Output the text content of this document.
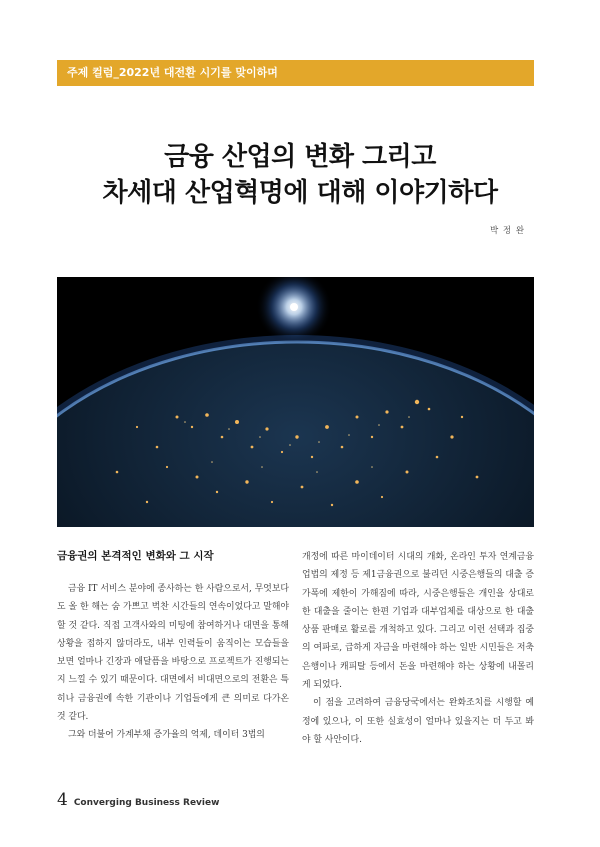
주제 컬럼_2022년 대전환 시기를 맞이하며
금융 산업의 변화 그리고
차세대 산업혁명에 대해 이야기하다
박 정 완
금융권의 본격적인 변화와 그 시작

금융 IT 서비스 분야에 종사하는 한 사람으로서, 무엇보다도 올 한 해는 숨 가쁘고 벅찬 시간들의 연속이었다고 말해야 할 것 같다. 직접 고객사와의 미팅에 참여하거나 대면을 통해 상황을 접하지 않더라도, 내부 인력들이 움직이는 모습들을 보면 얼마나 긴장과 애달픔을 바탕으로 프로젝트가 진행되는지 느낄 수 있기 때문이다. 대면에서 비대면으로의 전환은 특히나 금융권에 속한 기관이나 기업들에게 큰 의미로 다가온 것 같다.

그와 더불어 가계부채 증가율의 억제, 데이터 3법의

개정에 따른 마이데이터 시대의 개화, 온라인 투자 연계금융업법의 제정 등 제1금융권으로 불리던 시중은행들의 대출 증가폭에 제한이 가해짐에 따라, 시중은행들은 개인을 상대로 한 대출을 줄이는 한편 기업과 대부업체를 대상으로 한 대출상품 판매로 활로를 개척하고 있다. 그리고 이런 선택과 집중의 여파로, 급하게 자금을 마련해야 하는 일반 시민들은 저축은행이나 캐피탈 등에서 돈을 마련해야 하는 상황에 내몰리게 되었다.

이 점을 고려하여 금융당국에서는 완화조치를 시행할 예정에 있으나, 이 또한 실효성이 얼마나 있을지는 더 두고 봐야 할 사안이다.

4 Converging Business Review
